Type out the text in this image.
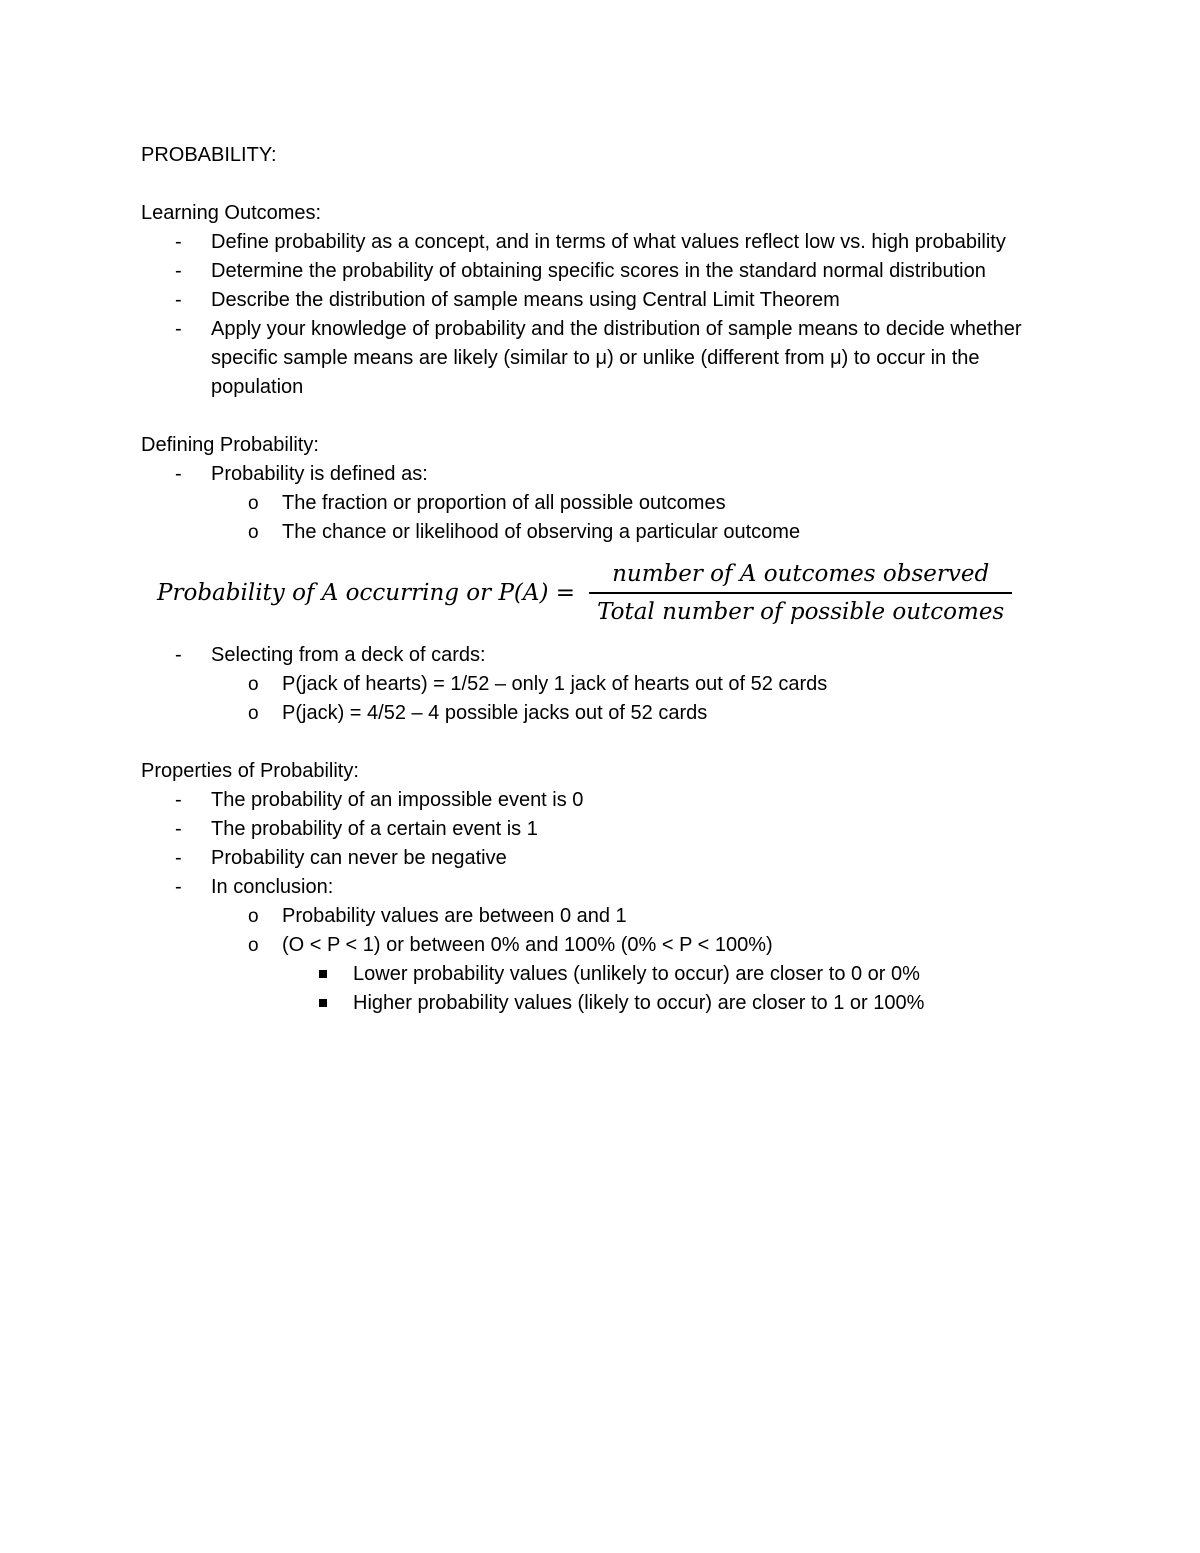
PROBABILITY:

Learning Outcomes:

- Define probability as a concept, and in terms of what values reflect low vs. high probability
- Determine the probability of obtaining specific scores in the standard normal distribution
- Describe the distribution of sample means using Central Limit Theorem
- Apply your knowledge of probability and the distribution of sample means to decide whether specific sample means are likely (similar to μ) or unlike (different from μ) to occur in the population

Defining Probability:

- Probability is defined as:
o The fraction or proportion of all possible outcomes
o The chance or likelihood of observing a particular outcome
Probability of A occurring or $P(A) = \frac{\text{number of A outcomes observed}}{\text{Total number of possible outcomes}}$
- Selecting from a deck of cards:
o P(jack of hearts) = 1/52 – only 1 jack of hearts out of 52 cards
o P(jack) = 4/52 – 4 possible jacks out of 52 cards

Properties of Probability:

- The probability of an impossible event is 0
- The probability of a certain event is 1
- Probability can never be negative
- In conclusion:
o Probability values are between 0 and 1
o (O < P < 1) or between 0% and 100% (0% < P < 100%)
Lower probability values (unlikely to occur) are closer to 0 or 0%
Higher probability values (likely to occur) are closer to 1 or 100%
